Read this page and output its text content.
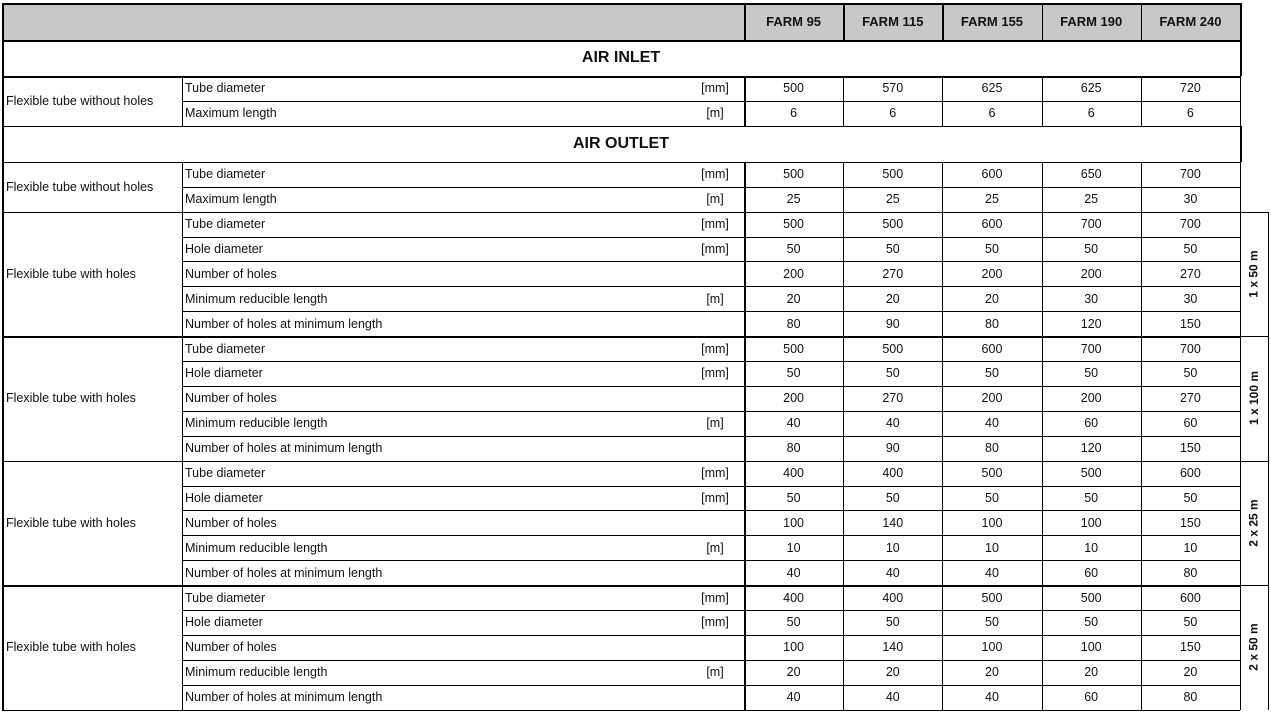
FARM 95	FARM 115	FARM 155	FARM 190	FARM 240
AIR INLET
Flexible tube without holes
Tube diameter	[mm]	500	570	625	625	720
Maximum length	[m]	6	6	6	6	6
AIR OUTLET
Flexible tube without holes
Tube diameter	[mm]	500	500	600	650	700
Maximum length	[m]	25	25	25	25	30
Flexible tube with holes
Tube diameter	[mm]	500	500	600	700	700
Hole diameter	[mm]	50	50	50	50	50
Number of holes	200	270	200	200	270
Minimum reducible length	[m]	20	20	20	30	30
Number of holes at minimum length	80	90	80	120	150
1 x 50 m
Flexible tube with holes
Tube diameter	[mm]	500	500	600	700	700
Hole diameter	[mm]	50	50	50	50	50
Number of holes	200	270	200	200	270
Minimum reducible length	[m]	40	40	40	60	60
Number of holes at minimum length	80	90	80	120	150
1 x 100 m
Flexible tube with holes
Tube diameter	[mm]	400	400	500	500	600
Hole diameter	[mm]	50	50	50	50	50
Number of holes	100	140	100	100	150
Minimum reducible length	[m]	10	10	10	10	10
Number of holes at minimum length	40	40	40	60	80
2 x 25 m
Flexible tube with holes
Tube diameter	[mm]	400	400	500	500	600
Hole diameter	[mm]	50	50	50	50	50
Number of holes	100	140	100	100	150
Minimum reducible length	[m]	20	20	20	20	20
Number of holes at minimum length	40	40	40	60	80
2 x 50 m
